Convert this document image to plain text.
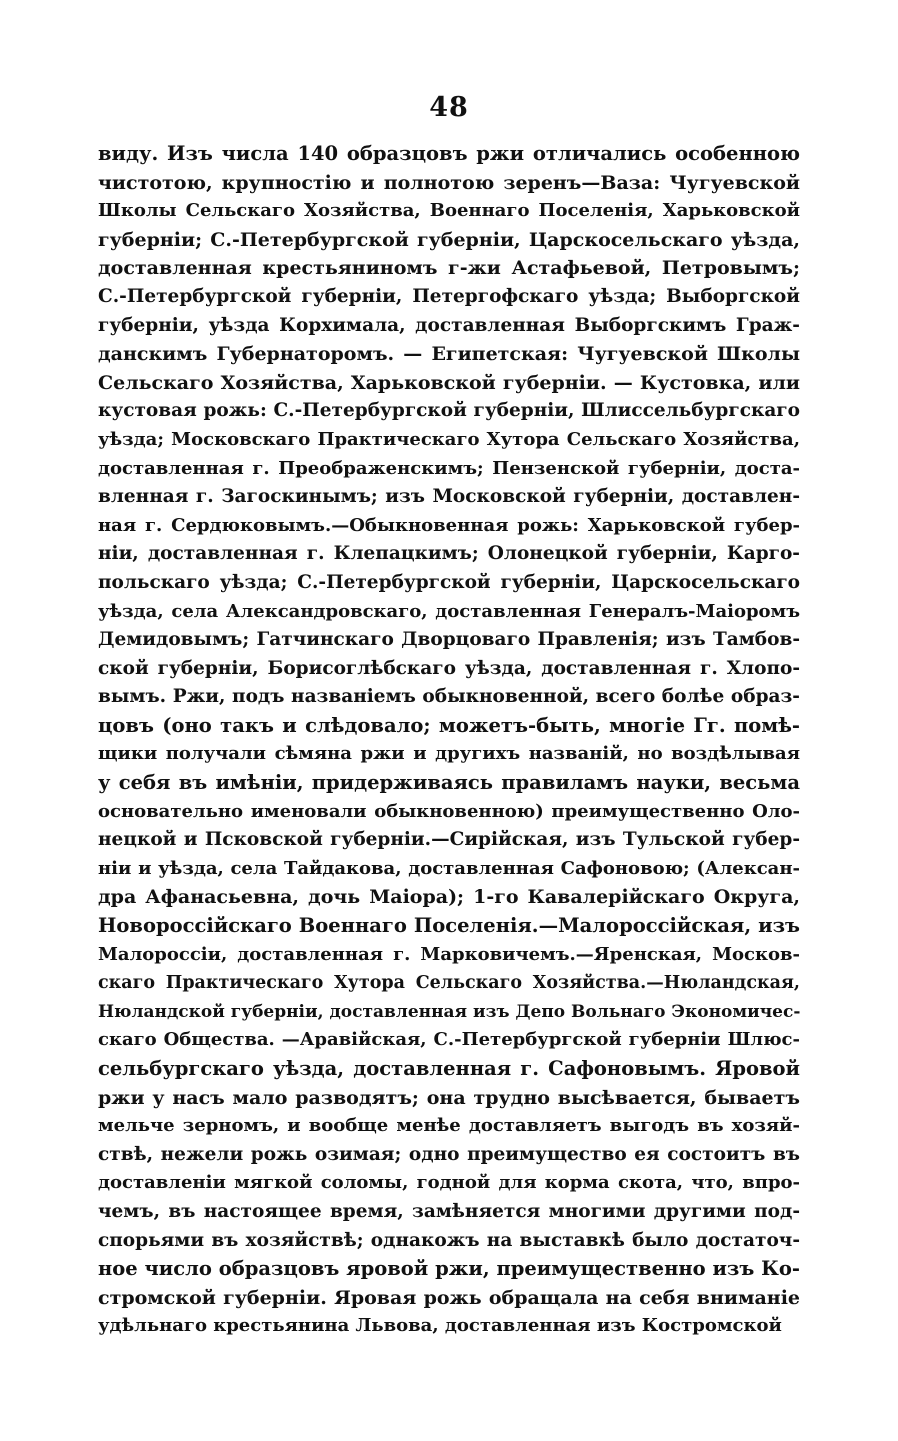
48
виду. Изъ числа 140 образцовъ ржи отличались особенною
чистотою, крупностію и полнотою зеренъ—Ваза: Чугуевской
Школы Сельскаго Хозяйства, Военнаго Поселенія, Харьковской
губерніи; С.-Петербургской губерніи, Царскосельскаго уѣзда,
доставленная крестьяниномъ г-жи Астафьевой, Петровымъ;
С.-Петербургской губерніи, Петергофскаго уѣзда; Выборгской
губерніи, уѣзда Корхимала, доставленная Выборгскимъ Граж-
данскимъ Губернаторомъ. — Египетская: Чугуевской Школы
Сельскаго Хозяйства, Харьковской губерніи. — Кустовка, или
кустовая рожь: С.-Петербургской губерніи, Шлиссельбургскаго
уѣзда; Московскаго Практическаго Хутора Сельскаго Хозяйства,
доставленная г. Преображенскимъ; Пензенской губерніи, доста-
вленная г. Загоскинымъ; изъ Московской губерніи, доставлен-
ная г. Сердюковымъ.—Обыкновенная рожь: Харьковской губер-
ніи, доставленная г. Клепацкимъ; Олонецкой губерніи, Карго-
польскаго уѣзда; С.-Петербургской губерніи, Царскосельскаго
уѣзда, села Александровскаго, доставленная Генералъ-Маіоромъ
Демидовымъ; Гатчинскаго Дворцоваго Правленія; изъ Тамбов-
ской губерніи, Борисоглѣбскаго уѣзда, доставленная г. Хлопо-
вымъ. Ржи, подъ названіемъ обыкновенной, всего болѣе образ-
цовъ (оно такъ и слѣдовало; можетъ-быть, многіе Гг. помѣ-
щики получали сѣмяна ржи и другихъ названій, но воздѣлывая
у себя въ имѣніи, придерживаясь правиламъ науки, весьма
основательно именовали обыкновенною) преимущественно Оло-
нецкой и Псковской губерніи.—Сирійская, изъ Тульской губер-
ніи и уѣзда, села Тайдакова, доставленная Сафоновою; (Алексан-
дра Афанасьевна, дочь Маіора); 1-го Кавалерійскаго Округа,
Новороссійскаго Военнаго Поселенія.—Малороссійская, изъ
Малороссіи, доставленная г. Марковичемъ.—Яренская, Москов-
скаго Практическаго Хутора Сельскаго Хозяйства.—Нюландская,
Нюландской губерніи, доставленная изъ Депо Вольнаго Экономичес-
скаго Общества. —Аравійская, С.-Петербургской губерніи Шлюс-
сельбургскаго уѣзда, доставленная г. Сафоновымъ. Яровой
ржи у насъ мало разводятъ; она трудно высѣвается, бываетъ
мельче зерномъ, и вообще менѣе доставляетъ выгодъ въ хозяй-
ствѣ, нежели рожь озимая; одно преимущество ея состоитъ въ
доставленіи мягкой соломы, годной для корма скота, что, впро-
чемъ, въ настоящее время, замѣняется многими другими под-
спорьями въ хозяйствѣ; однакожъ на выставкѣ было достаточ-
ное число образцовъ яровой ржи, преимущественно изъ Ко-
стромской губерніи. Яровая рожь обращала на себя вниманіе
удѣльнаго крестьянина Львова, доставленная изъ Костромской
